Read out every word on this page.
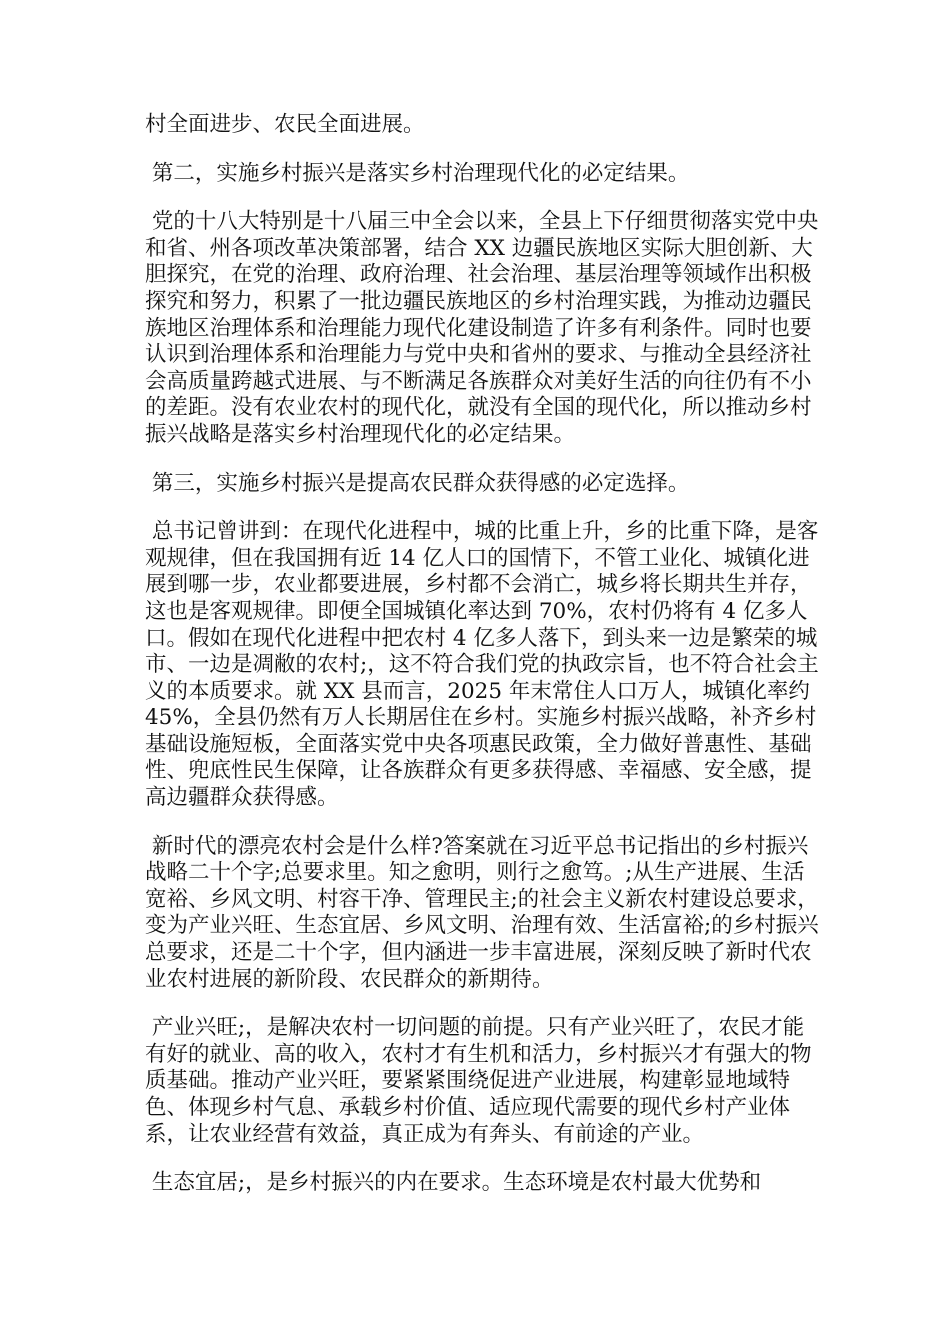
村全面进步、农民全面进展。

第二，实施乡村振兴是落实乡村治理现代化的必定结果。

党的十八大特别是十八届三中全会以来，全县上下仔细贯彻落实党中央和省、州各项改革决策部署，结合 XX 边疆民族地区实际大胆创新、大胆探究，在党的治理、政府治理、社会治理、基层治理等领域作出积极探究和努力，积累了一批边疆民族地区的乡村治理实践，为推动边疆民族地区治理体系和治理能力现代化建设制造了许多有利条件。同时也要认识到治理体系和治理能力与党中央和省州的要求、与推动全县经济社会高质量跨越式进展、与不断满足各族群众对美好生活的向往仍有不小的差距。没有农业农村的现代化，就没有全国的现代化，所以推动乡村振兴战略是落实乡村治理现代化的必定结果。

第三，实施乡村振兴是提高农民群众获得感的必定选择。

总书记曾讲到：在现代化进程中，城的比重上升，乡的比重下降，是客观规律，但在我国拥有近 14 亿人口的国情下，不管工业化、城镇化进展到哪一步，农业都要进展，乡村都不会消亡，城乡将长期共生并存，这也是客观规律。即便全国城镇化率达到 70%，农村仍将有 4 亿多人口。假如在现代化进程中把农村 4 亿多人落下，到头来一边是繁荣的城市、一边是凋敝的农村;，这不符合我们党的执政宗旨，也不符合社会主义的本质要求。就 XX 县而言，2025 年末常住人口万人，城镇化率约 45%，全县仍然有万人长期居住在乡村。实施乡村振兴战略，补齐乡村基础设施短板，全面落实党中央各项惠民政策，全力做好普惠性、基础性、兜底性民生保障，让各族群众有更多获得感、幸福感、安全感，提高边疆群众获得感。

新时代的漂亮农村会是什么样?答案就在习近平总书记指出的乡村振兴战略二十个字;总要求里。知之愈明，则行之愈笃。;从生产进展、生活宽裕、乡风文明、村容干净、管理民主;的社会主义新农村建设总要求，变为产业兴旺、生态宜居、乡风文明、治理有效、生活富裕;的乡村振兴总要求，还是二十个字，但内涵进一步丰富进展，深刻反映了新时代农业农村进展的新阶段、农民群众的新期待。

产业兴旺;，是解决农村一切问题的前提。只有产业兴旺了，农民才能有好的就业、高的收入，农村才有生机和活力，乡村振兴才有强大的物质基础。推动产业兴旺，要紧紧围绕促进产业进展，构建彰显地域特色、体现乡村气息、承载乡村价值、适应现代需要的现代乡村产业体系，让农业经营有效益，真正成为有奔头、有前途的产业。

生态宜居;，是乡村振兴的内在要求。生态环境是农村最大优势和
